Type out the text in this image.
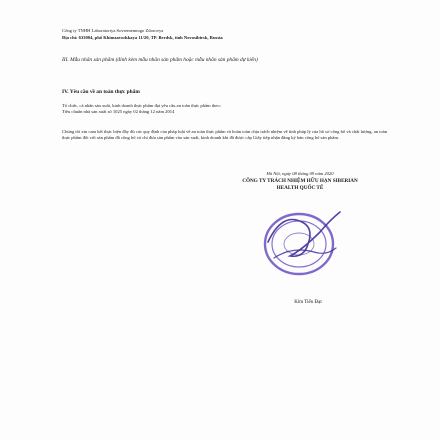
Công ty TNHH Laboratoriya Sovremennogo Zdorovya
Địa chỉ: 633004, phố Khimzavodskaya 11/20, TP. Berdsk, tỉnh Novosibirsk, Russia
III. Mẫu nhãn sản phẩm (đính kèm mẫu nhãn sản phẩm hoặc mẫu nhãn sản phẩm dự kiến)
IV. Yêu cầu về an toàn thực phẩm
Tổ chức, cá nhân sản xuất, kinh doanh thực phẩm đạt yêu cầu an toàn thực phẩm theo:
Tiêu chuẩn nhà sản xuất số 1025 ngày 02 tháng 12 năm 2014

Chúng tôi xin cam kết thực hiện đầy đủ các quy định của pháp luật về an toàn thực phẩm và hoàn toàn chịu trách nhiệm về tính pháp lý của hồ sơ công bố và chất lượng, an toàn thực phẩm đối với sản phẩm đã công bố và chỉ đưa sản phẩm vào sản xuất, kinh doanh khi đã được cấp Giấy tiếp nhận đăng ký bản công bố sản phẩm.

Hà Nội, ngày 08 tháng 09 năm 2020
CÔNG TY TRÁCH NHIỆM HỮU HẠN SIBERIAN
HEALTH QUỐC TẾ
Kim Tiến Đạt
